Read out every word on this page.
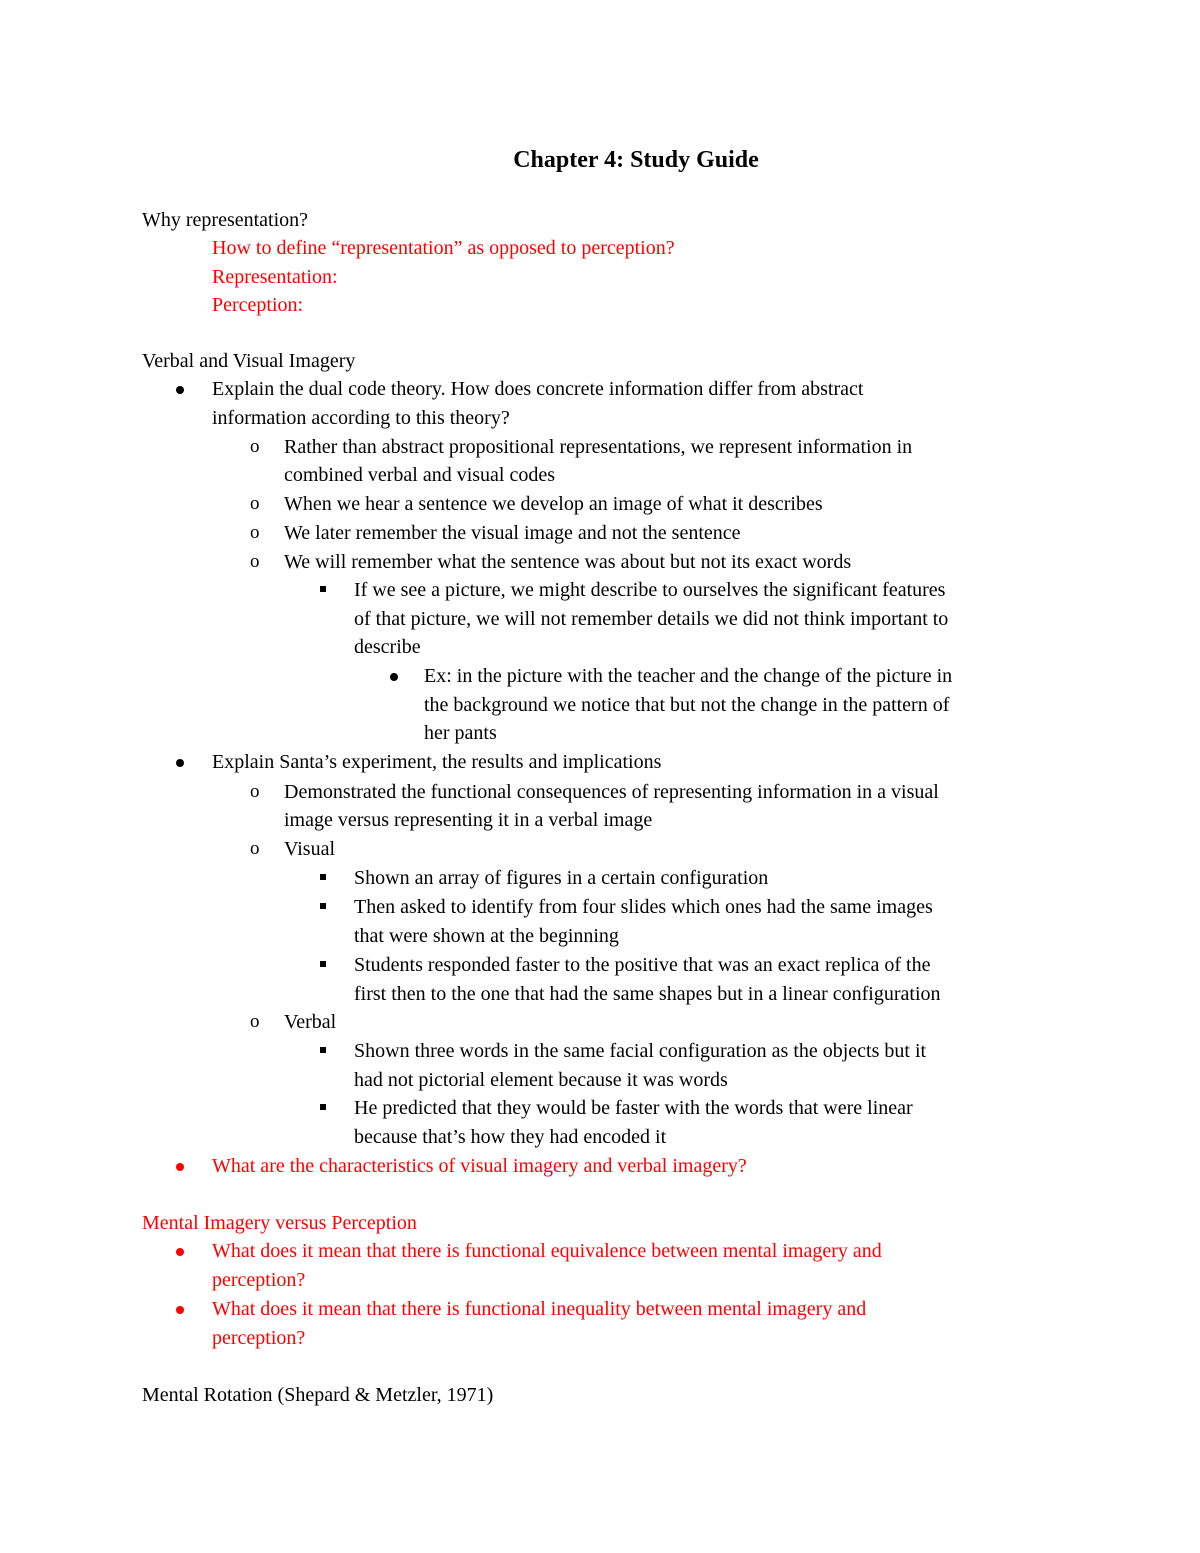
Chapter 4: Study Guide
Why representation?
How to define “representation” as opposed to perception?
Representation:
Perception:
Verbal and Visual Imagery
Explain the dual code theory. How does concrete information differ from abstract
information according to this theory?
o Rather than abstract propositional representations, we represent information in
combined verbal and visual codes
o When we hear a sentence we develop an image of what it describes
o We later remember the visual image and not the sentence
o We will remember what the sentence was about but not its exact words
If we see a picture, we might describe to ourselves the significant features
of that picture, we will not remember details we did not think important to
describe
Ex: in the picture with the teacher and the change of the picture in
the background we notice that but not the change in the pattern of
her pants
Explain Santa’s experiment, the results and implications
o Demonstrated the functional consequences of representing information in a visual
image versus representing it in a verbal image
o Visual
Shown an array of figures in a certain configuration
Then asked to identify from four slides which ones had the same images
that were shown at the beginning
Students responded faster to the positive that was an exact replica of the
first then to the one that had the same shapes but in a linear configuration
o Verbal
Shown three words in the same facial configuration as the objects but it
had not pictorial element because it was words
He predicted that they would be faster with the words that were linear
because that’s how they had encoded it
What are the characteristics of visual imagery and verbal imagery?
Mental Imagery versus Perception
What does it mean that there is functional equivalence between mental imagery and
perception?
What does it mean that there is functional inequality between mental imagery and
perception?
Mental Rotation (Shepard & Metzler, 1971)
